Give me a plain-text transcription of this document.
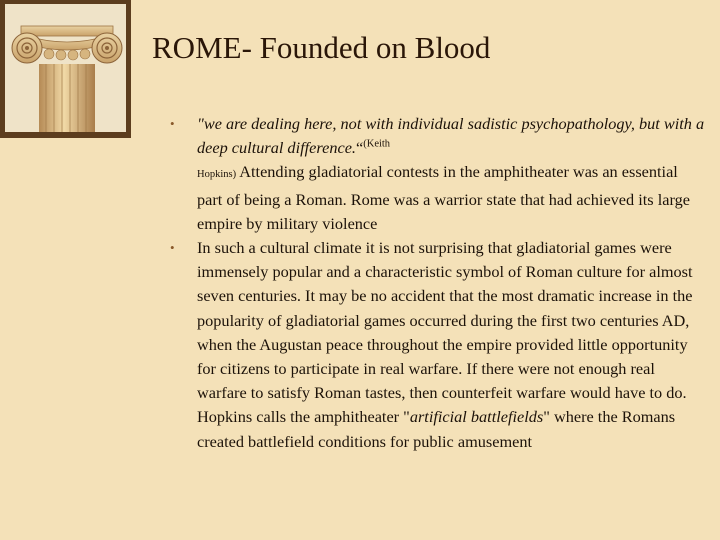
ROME- Founded on Blood

• "we are dealing here, not with individual sadistic psychopathology, but with a deep cultural difference.“$^{(Keith}$
Hopkins) Attending gladiatorial contests in the amphitheater was an essential part of being a Roman. Rome was a warrior state that had achieved its large empire by military violence

• In such a cultural climate it is not surprising that gladiatorial games were immensely popular and a characteristic symbol of Roman culture for almost seven centuries. It may be no accident that the most dramatic increase in the popularity of gladiatorial games occurred during the first two centuries AD, when the Augustan peace throughout the empire provided little opportunity for citizens to participate in real warfare. If there were not enough real warfare to satisfy Roman tastes, then counterfeit warfare would have to do. Hopkins calls the amphitheater "artificial battlefields" where the Romans created battlefield conditions for public amusement
